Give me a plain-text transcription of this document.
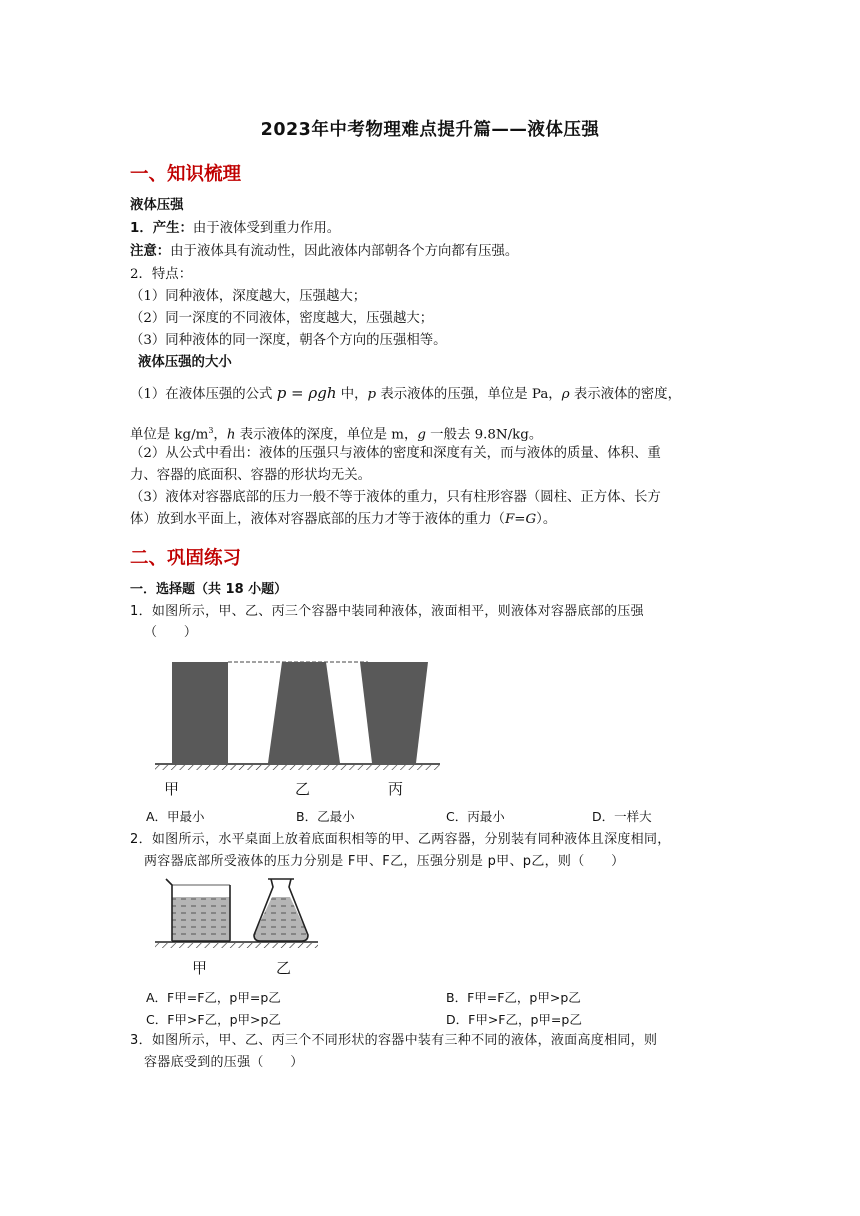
2023年中考物理难点提升篇——液体压强
一、知识梳理
液体压强
1．产生：由于液体受到重力作用。
注意：由于液体具有流动性，因此液体内部朝各个方向都有压强。
2．特点：
（1）同种液体，深度越大，压强越大；
（2）同一深度的不同液体，密度越大，压强越大；
（3）同种液体的同一深度，朝各个方向的压强相等。
液体压强的大小
（1）在液体压强的公式 p = ρgh 中，p 表示液体的压强，单位是 Pa，ρ 表示液体的密度，
单位是 $kg/m^3$，h 表示液体的深度，单位是 m，g 一般去 9.8N/kg。
（2）从公式中看出：液体的压强只与液体的密度和深度有关，而与液体的质量、体积、重
力、容器的底面积、容器的形状均无关。
（3）液体对容器底部的压力一般不等于液体的重力，只有柱形容器（圆柱、正方体、长方
体）放到水平面上，液体对容器底部的压力才等于液体的重力（F=G）。
二、巩固练习
一．选择题（共 18 小题）
1．如图所示，甲、乙、丙三个容器中装同种液体，液面相平，则液体对容器底部的压强
（　　）
甲	乙	丙
A．甲最小	B．乙最小	C．丙最小	D．一样大
2．如图所示，水平桌面上放着底面积相等的甲、乙两容器，分别装有同种液体且深度相同，
两容器底部所受液体的压力分别是 F甲、F乙，压强分别是 p甲、p乙，则（　　）
甲	乙
A．F甲=F乙，p甲=p乙	B．F甲=F乙，p甲>p乙
C．F甲>F乙，p甲>p乙	D．F甲>F乙，p甲=p乙
3．如图所示，甲、乙、丙三个不同形状的容器中装有三种不同的液体，液面高度相同，则
容器底受到的压强（　　）
